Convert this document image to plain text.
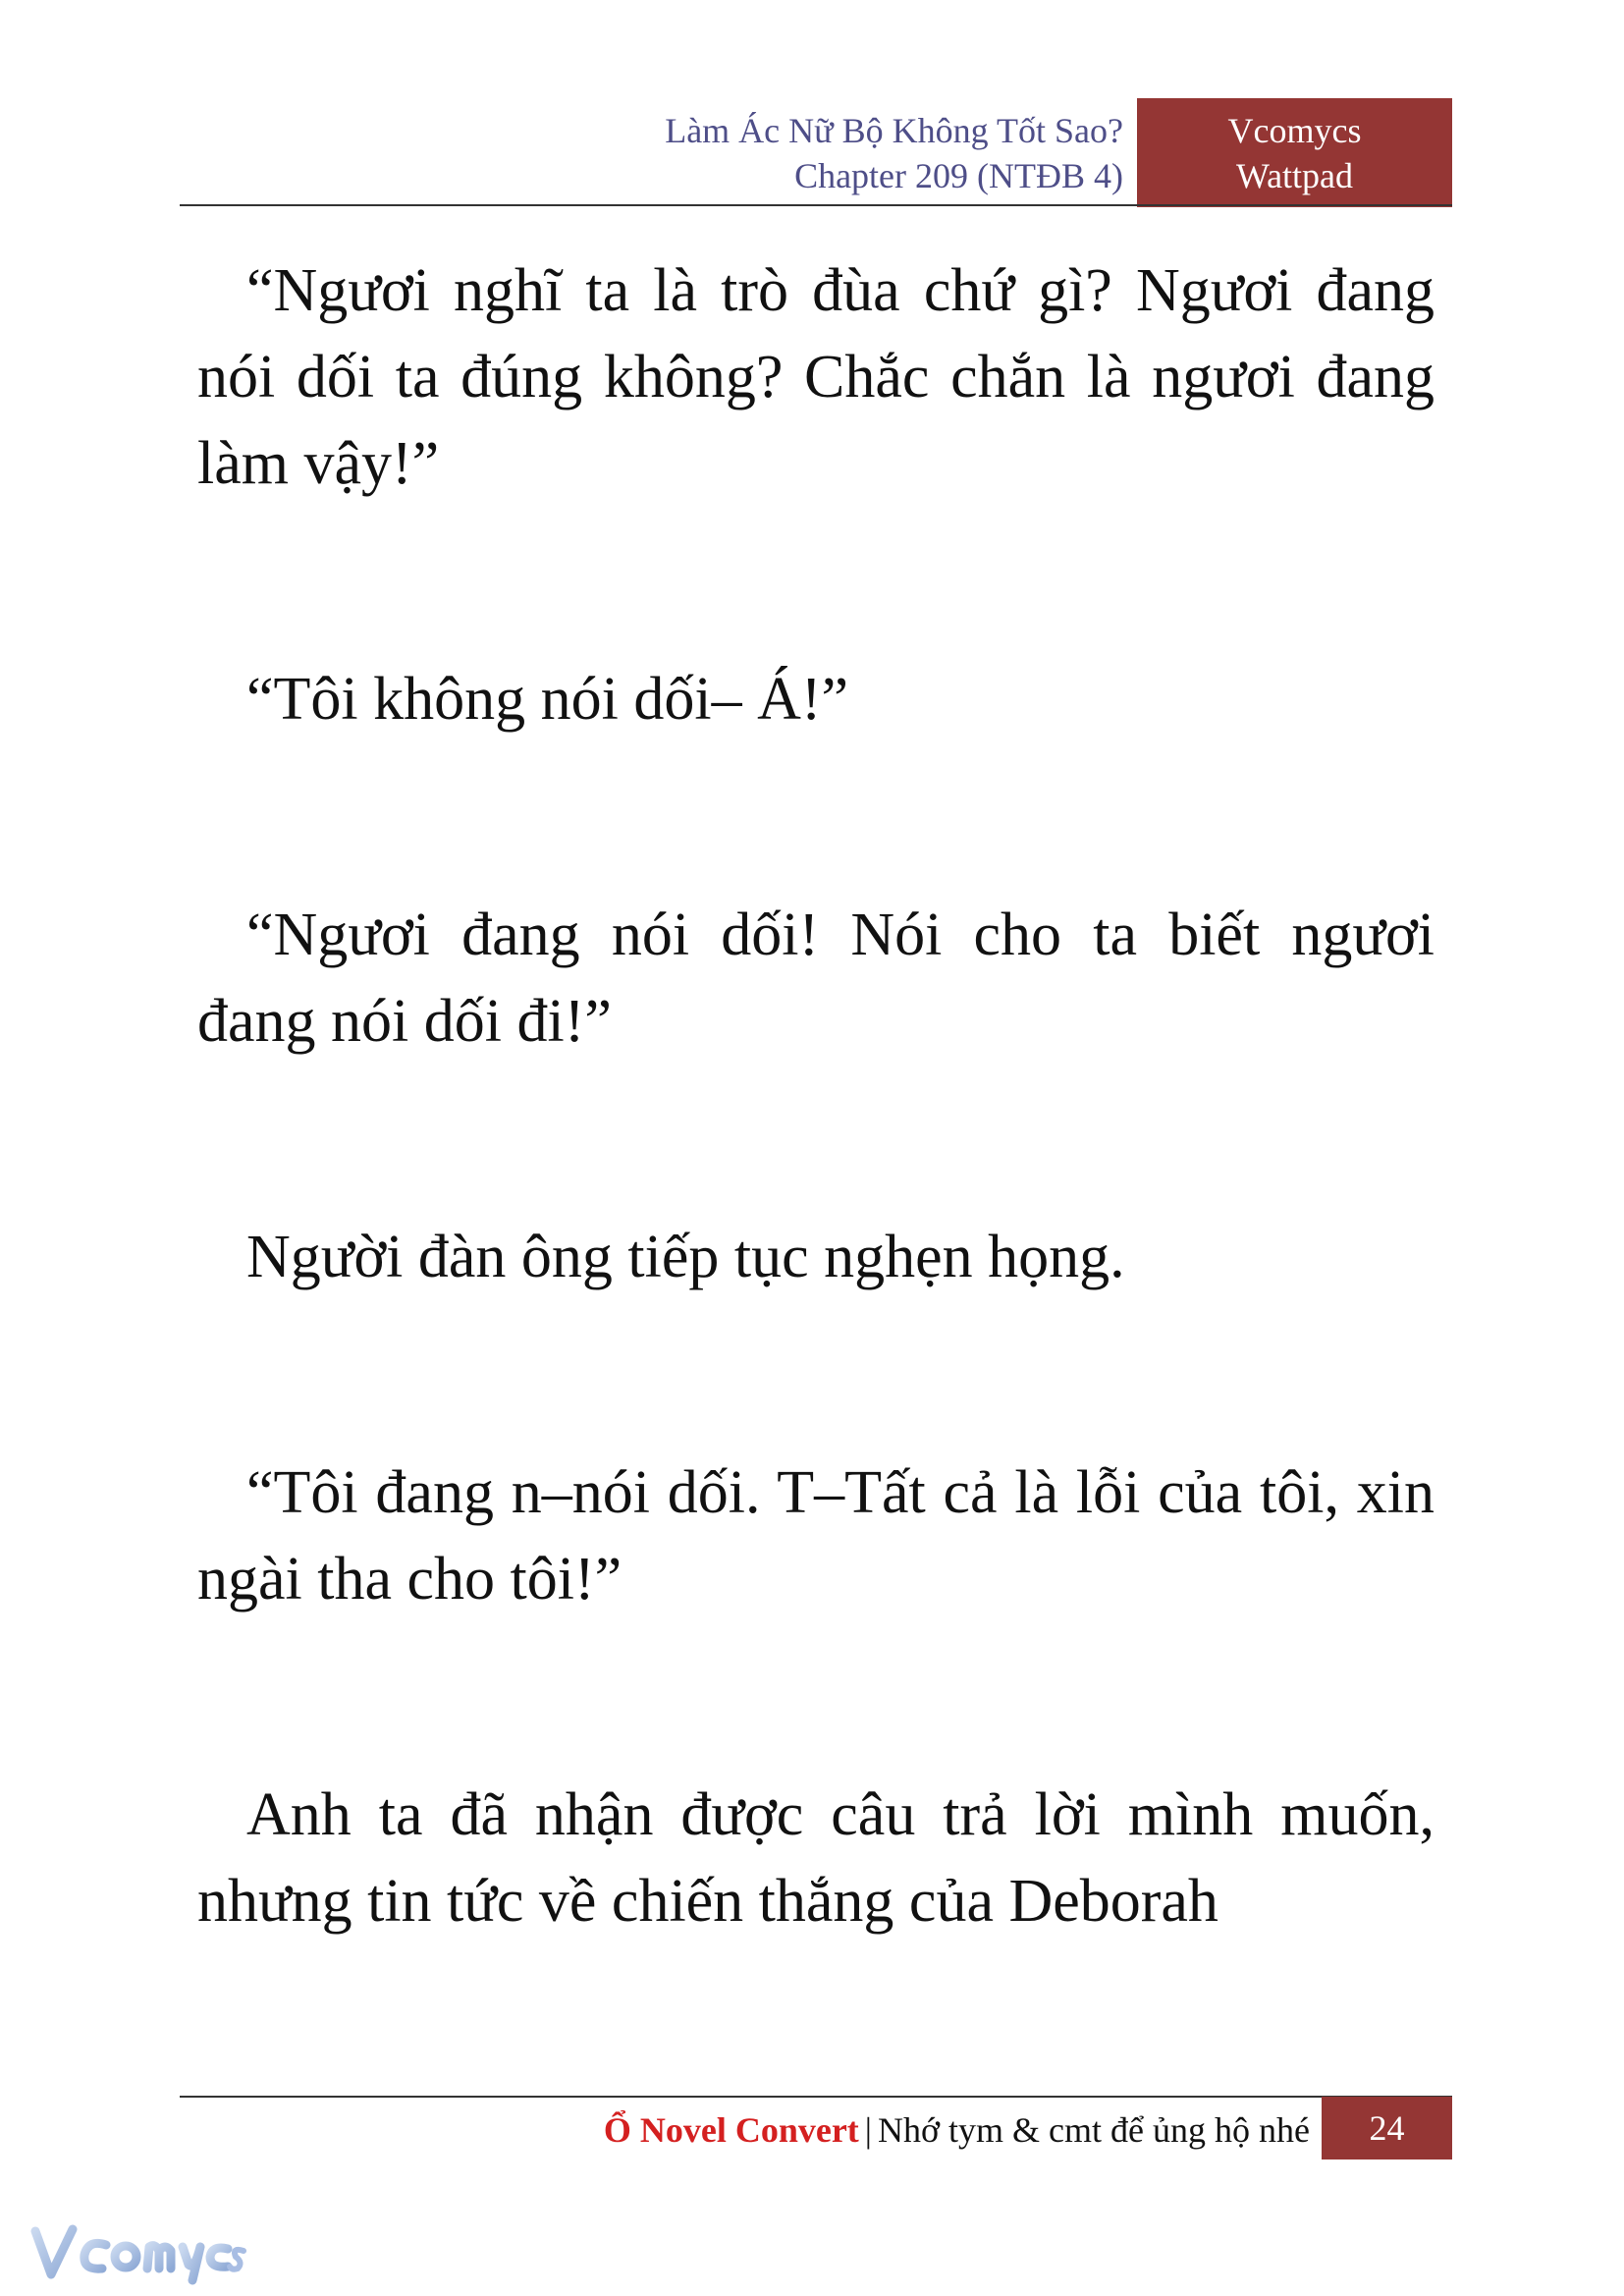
Làm Ác Nữ Bộ Không Tốt Sao?
Chapter 209 (NTĐB 4)
Vcomycs
Wattpad

“Ngươi nghĩ ta là trò đùa chứ gì? Ngươi đang nói dối ta đúng không? Chắc chắn là ngươi đang làm vậy!”

“Tôi không nói dối– Á!”

“Ngươi đang nói dối! Nói cho ta biết ngươi đang nói dối đi!”

Người đàn ông tiếp tục nghẹn họng.

“Tôi đang n–nói dối. T–Tất cả là lỗi của tôi, xin ngài tha cho tôi!”

Anh ta đã nhận được câu trả lời mình muốn, nhưng tin tức về chiến thắng của Deborah

Ổ Novel Convert | Nhớ tym & cmt để ủng hộ nhé	24
